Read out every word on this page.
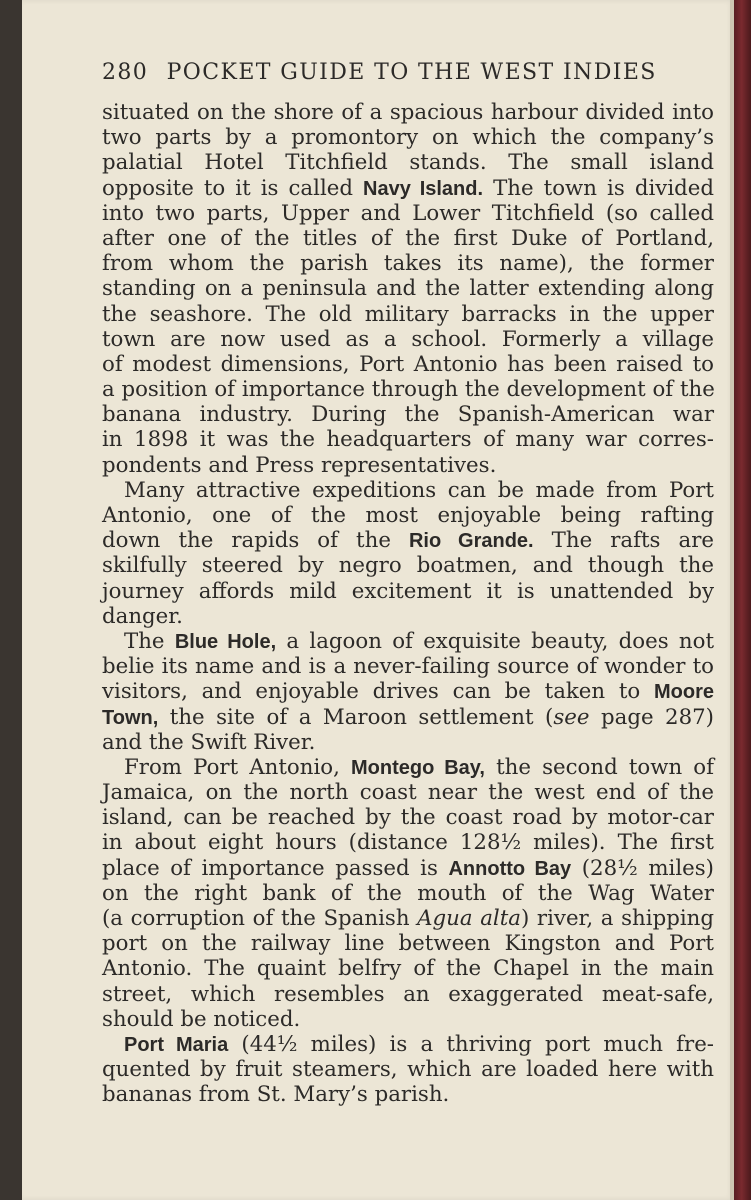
280 POCKET GUIDE TO THE WEST INDIES
situated on the shore of a spacious harbour divided into
two parts by a promontory on which the company’s
palatial Hotel Titchfield stands. The small island
opposite to it is called Navy Island. The town is divided
into two parts, Upper and Lower Titchfield (so called
after one of the titles of the first Duke of Portland,
from whom the parish takes its name), the former
standing on a peninsula and the latter extending along
the seashore. The old military barracks in the upper
town are now used as a school. Formerly a village
of modest dimensions, Port Antonio has been raised to
a position of importance through the development of the
banana industry. During the Spanish-American war
in 1898 it was the headquarters of many war corres-
pondents and Press representatives.
Many attractive expeditions can be made from Port
Antonio, one of the most enjoyable being rafting
down the rapids of the Rio Grande. The rafts are
skilfully steered by negro boatmen, and though the
journey affords mild excitement it is unattended by
danger.
The Blue Hole, a lagoon of exquisite beauty, does not
belie its name and is a never-failing source of wonder to
visitors, and enjoyable drives can be taken to Moore
Town, the site of a Maroon settlement (see page 287)
and the Swift River.
From Port Antonio, Montego Bay, the second town of
Jamaica, on the north coast near the west end of the
island, can be reached by the coast road by motor-car
in about eight hours (distance 128½ miles). The first
place of importance passed is Annotto Bay (28½ miles)
on the right bank of the mouth of the Wag Water
(a corruption of the Spanish Agua alta) river, a shipping
port on the railway line between Kingston and Port
Antonio. The quaint belfry of the Chapel in the main
street, which resembles an exaggerated meat-safe,
should be noticed.
Port Maria (44½ miles) is a thriving port much fre-
quented by fruit steamers, which are loaded here with
bananas from St. Mary’s parish.
